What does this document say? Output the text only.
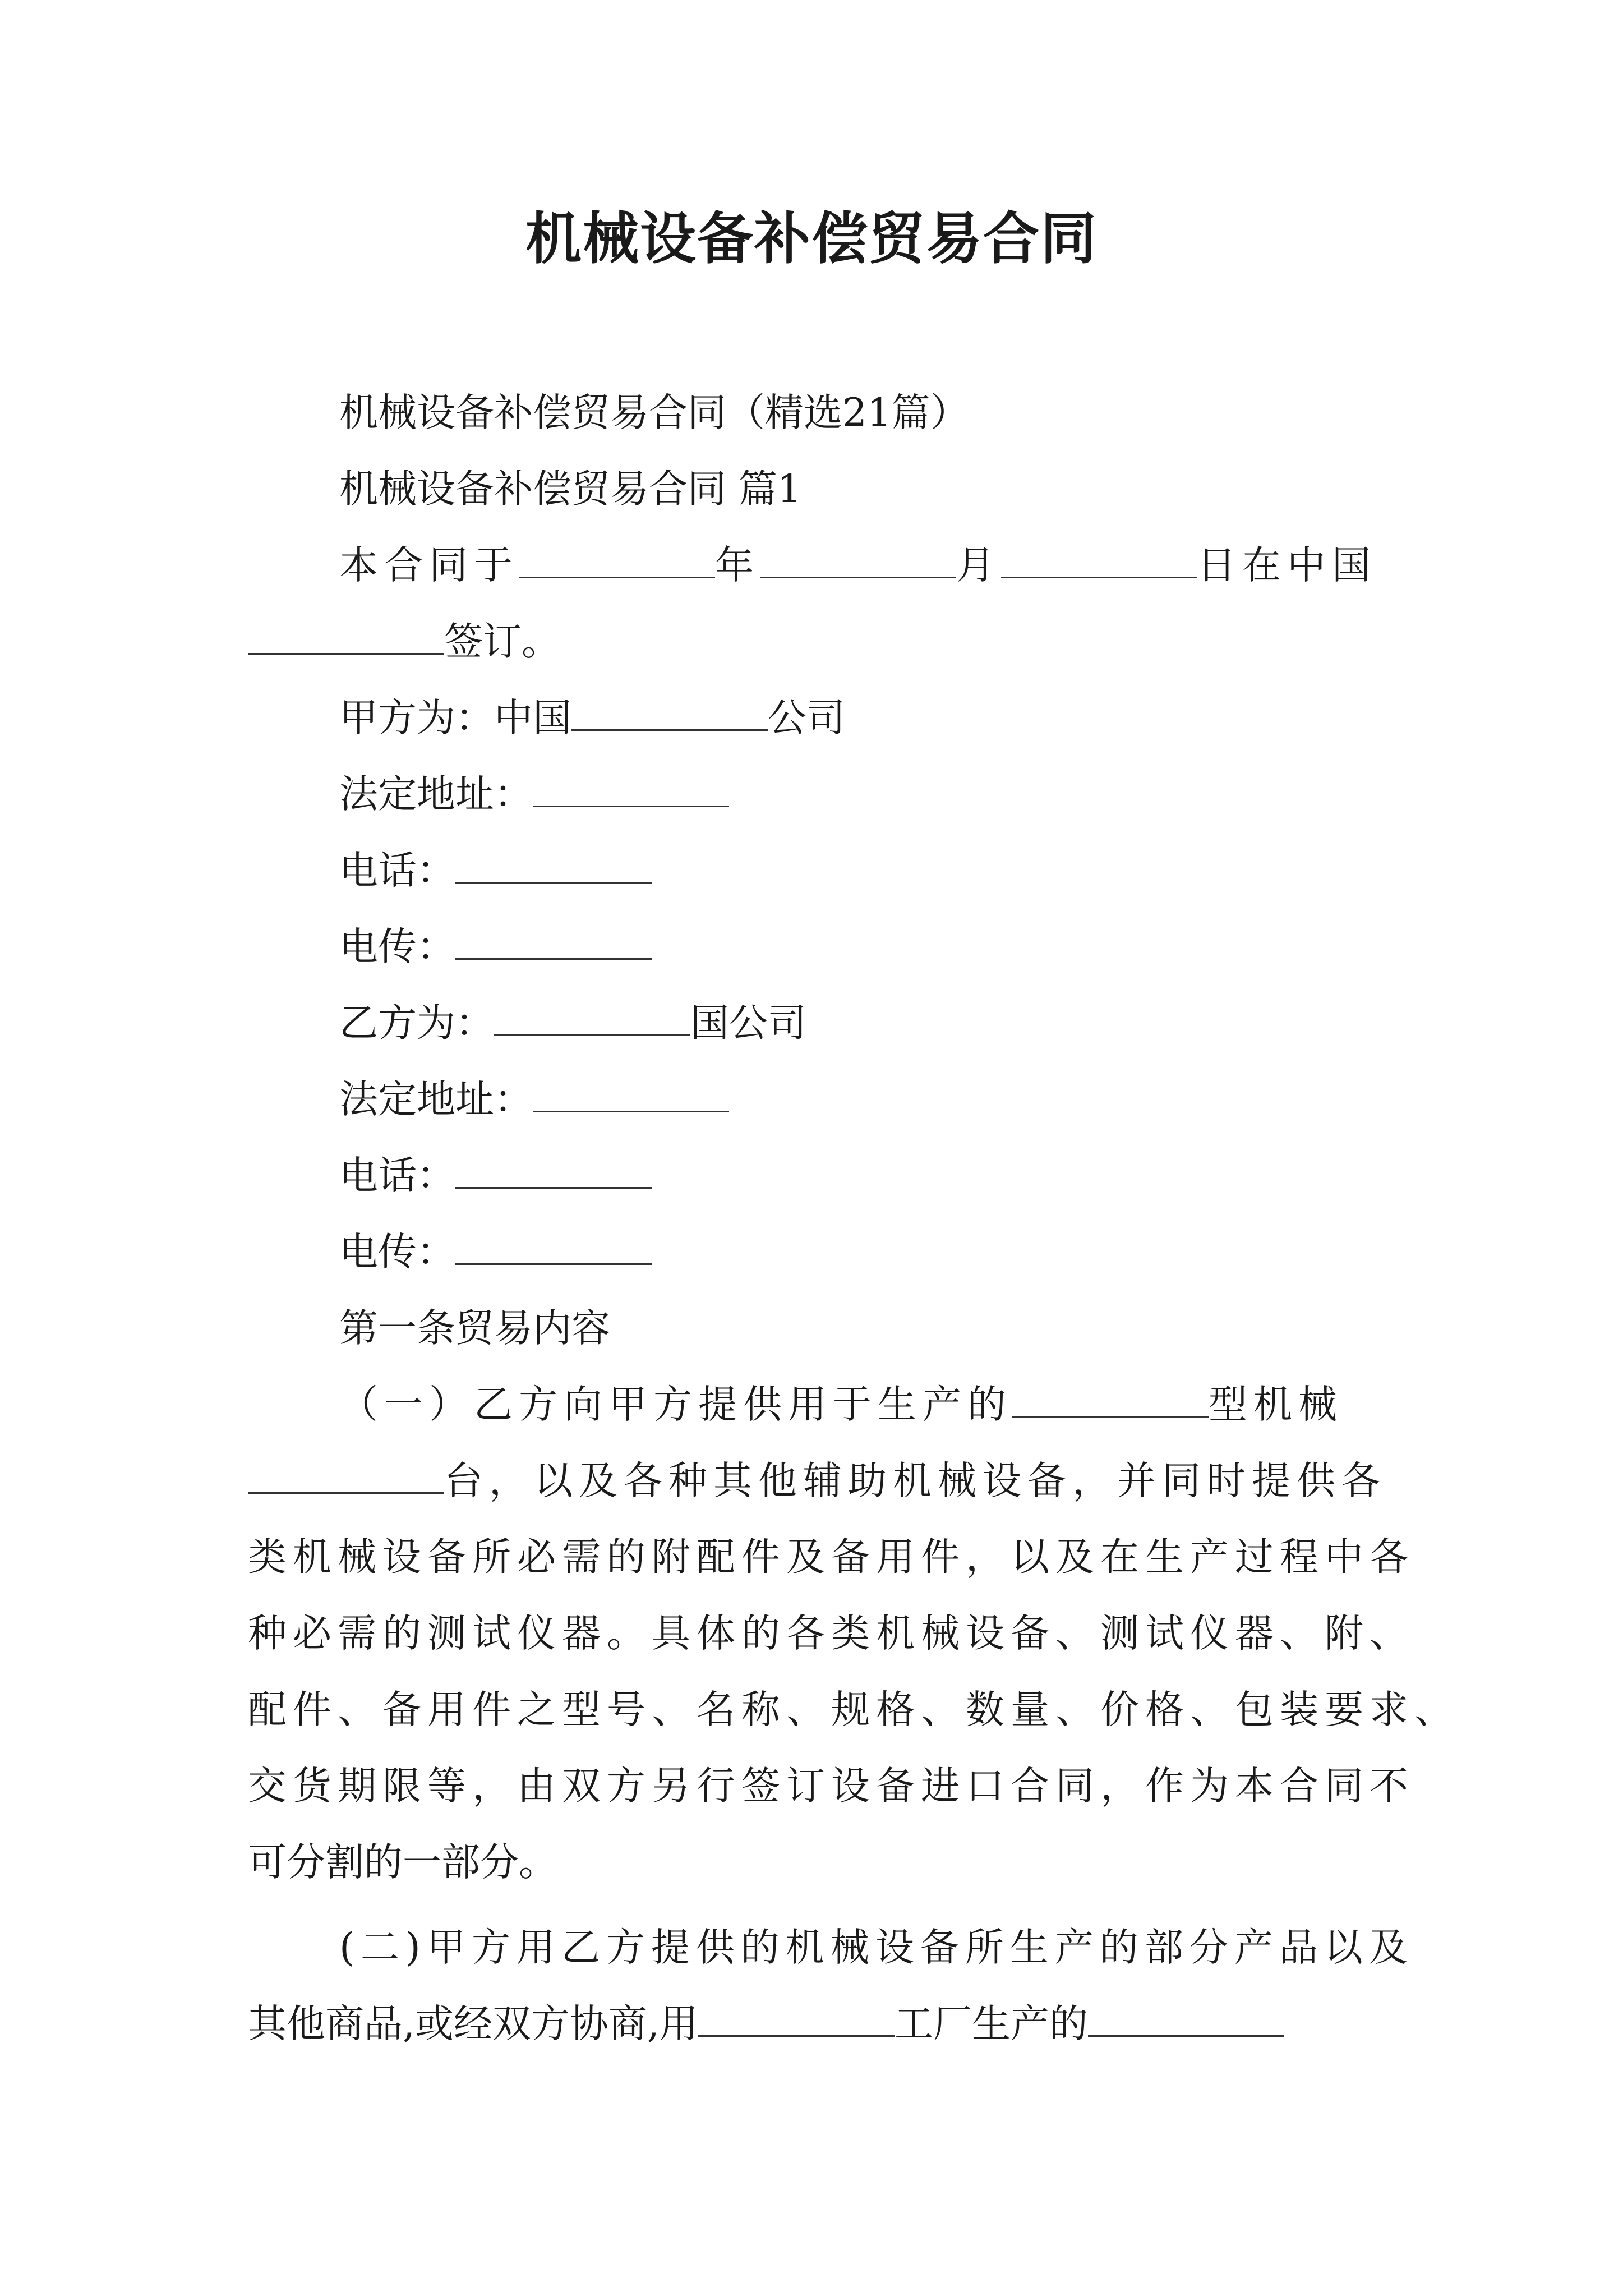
机械设备补偿贸易合同
机械设备补偿贸易合同（精选21篇）
机械设备补偿贸易合同 篇1
本合同于	年	月	日在中国
签订。
甲方为：中国	公司
法定地址：
电话：
电传：
乙方为：	国公司
法定地址：
电话：
电传：
第一条贸易内容
（一）乙方向甲方提供用于生产的	型机械
台，以及各种其他辅助机械设备，并同时提供各
类机械设备所必需的附配件及备用件，以及在生产过程中各
种必需的测试仪器。具体的各类机械设备、测试仪器、附、
配件、备用件之型号、名称、规格、数量、价格、包装要求、
交货期限等，由双方另行签订设备进口合同，作为本合同不
可分割的一部分。
(二)甲方用乙方提供的机械设备所生产的部分产品以及
其他商品,或经双方协商,用	工厂生产的
